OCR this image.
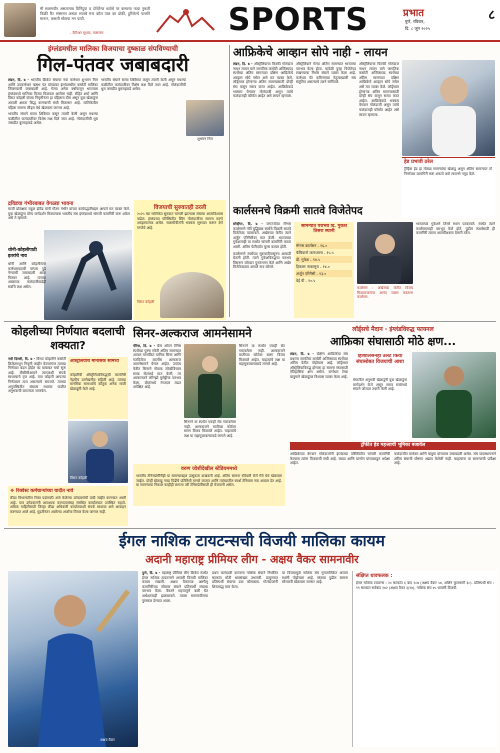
मी सलामवीर असतानाच विनिंदूया व दोनेर्तेन्या धावेचे पर कसल्या नव्या नुकती फिक्री रिट संस्मरण असता सातचे मना कौल पाल का डोकी, हुरिलेल्ये पल्लोरे मारून, कसली सोलया मन पल्टी.
- कैरिअर सुधाव, मासमान	SPORTS	प्रभात
पुणे, रविवार,
दि. ८ जून २०२५
८
इंग्लंडमधील मालिका विजयाचा दुष्काळ संपविण्याची
गिल-पंतवर जबाबदारी

लंडन, दि. ७ - भारतीय क्रिकेट संघाचा नवा कर्णधार शुभमन गिल आणि उपकर्णधार ऋषभ पंत यांच्यावर इंग्लंडमधील कसोटी मालिका जिंकण्याची जबाबदारी आहे. गेल्या अनेक वर्षांपासून भारताला इंग्लंडमध्ये मालिका विजय मिळवता आलेला नाही. रोहित शर्मा आणि विराट कोहली यांच्या निवृत्तीनंतर हा पहिलाच दौरा असून युवा खेळाडूंना आपली क्षमता सिद्ध करण्याची संधी मिळणार आहे. मालिकेतील पहिला सामना लीड्स येथे खेळवला जाणार आहे.

भारतीय संघाने सराव शिबिरात कसून तयारी केली असून मधल्या फळीतील फलंदाजीवर विशेष लक्ष दिले जात आहे. गोलंदाजीची धुरा जसप्रीत बुमराहकडे असेल.

भारतीय संघाने सराव शिबिरात कसून तयारी केली असून मधल्या फळीतील फलंदाजीवर विशेष लक्ष दिले जात आहे. गोलंदाजीची धुरा जसप्रीत बुमराहकडे असेल.

शुभमन गिल
द्रविडचा गंभीरबाबत वेगळ्या भावना
माजी प्रशिक्षक राहुल द्रविड यांनी गौतम गंभीर यांच्या कार्यपद्धतीबद्दल आपले मत व्यक्त केले. युवा खेळाडूंना योग्य मार्गदर्शन मिळाल्यास भारतीय संघ इंग्लंडमध्ये चांगली कामगिरी करू शकेल असे ते म्हणाले.
धोनी-कोहलीपाठी इतरांचे नाव
धोनी आणि कोहलीनंतर कर्णधारपदाची परंपरा पुढे नेण्याची जबाबदारी आता गिलवर आहे. पंतच्या आक्रमक फलंदाजीकडेही सर्वांचे लक्ष असेल.
विजयाची सुरुवातही ठरली
२०२५ च्या मालिकेत सुरुवात चांगली झाल्यास संघाचा आत्मविश्वास वाढेल. इंग्लंडच्या परिस्थितीत स्विंग गोलंदाजीचा सामना करणे आव्हानात्मक असेल. सलामीवीरांनी भक्कम सुरुवात करून देणे गरजेचे आहे.
विराट कोहली
आफ्रिकेचे आव्हान सोपे नाही - लायन

लंडन, दि. ७ - ऑस्ट्रेलियाचा फिरकी गोलंदाज नाथन लायन याने जागतिक कसोटी अजिंक्यपद स्पर्धेच्या अंतिम सामन्यात दक्षिण आफ्रिकेचे आव्हान सोपे नसेल असे मत व्यक्त केले. लॉर्ड्सवर होणाऱ्या अंतिम सामन्यासाठी दोन्ही संघ कसून सराव करत आहेत. आफ्रिकेकडे भक्कम वेगवान गोलंदाजी असून त्यांचे फलंदाजही फॉर्मात आहेत असे लायन म्हणाला.

ऑस्ट्रेलियाने गेल्या अंतिम सामन्यात भारताचा पराभव केला होता. यावेळी पुन्हा विजेतेपद राखण्याचा निर्धार संघाने व्यक्त केला आहे. कर्णधार पॅट कमिन्सच्या नेतृत्वाखाली संघ संतुलित असल्याचे त्याने सांगितले.
ऑस्ट्रेलियाचा फिरकी गोलंदाज नाथन लायन याने जागतिक कसोटी अजिंक्यपद स्पर्धेच्या अंतिम सामन्यात दक्षिण आफ्रिकेचे आव्हान सोपे नसेल असे मत व्यक्त केले. लॉर्ड्सवर होणाऱ्या अंतिम सामन्यासाठी दोन्ही संघ कसून सराव करत आहेत. आफ्रिकेकडे भक्कम वेगवान गोलंदाजी असून त्यांचे फलंदाजही फॉर्मात आहेत असे लायन म्हणाला.
हेड प्रभावी ठरेल
ट्रॅव्हिस हेड हा मोठ्या सामन्यांचा खेळाडू असून अंतिम सामन्यात तो निर्णायक कामगिरी करू शकतो असे लायनने नमूद केले.
कार्लसनचे विक्रमी सातवे विजेतेपद

स्टॅव्हँगर, दि. ७ - जगज्जेत्या मॅग्नस कार्लसनने नॉर्वे बुद्धिबळ स्पर्धेचे विक्रमी सातवे विजेतेपद पटकावले. अखेरच्या फेरीत त्याने अर्जुन एरिगैसीवर मात केली. भारताच्या गुकेशलाही या स्पर्धेत चांगली कामगिरी करता आली. अंतिम फेरीपर्यंत चुरस कायम होती.

कार्लसनने स्पर्धेच्या सुरुवातीपासूनच आघाडी घेतली होती. त्याने गुकेशविरुद्धचा पराभव विसरून जोरदार पुनरागमन केले आणि अखेर विजेतेपदावर आपले नाव कोरले.

सामन्यात पराभव दि. गुकेश तिसरा स्थानी
मॅग्नस कार्लसन - १६.०
फॅबियानो कारुआना - १५.५
डी. गुकेश - १४.५
हिकारू नाकामुरा - १४.०
अर्जुन एरिगैसी - १३.०
वेई यी - १०.५
कार्लसन : अखेरच्या फेरीत विजय मिळवल्यानंतर आनंद व्यक्त करताना कार्लसन.
भारताच्या गुकेशने तिसरे स्थान पटकावले. स्पर्धेत त्याने कार्लसनलाही पराभूत केले होते. पुढील स्पर्धांसाठी ही कामगिरी त्याला आत्मविश्वास देणारी ठरेल.
कोहलीच्या निर्णयात बदलाची शक्यता?

नवी दिल्ली, दि. ७ - विराट कोहलीने कसोटी क्रिकेटमधून निवृत्ती जाहीर केल्यानंतर त्याच्या निर्णयात बदल होईल का याबाबत चर्चा सुरू आहे. बीसीसीआयने त्याच्याशी संपर्क साधल्याचे वृत्त आहे. मात्र कोहली आपल्या निर्णयावर ठाम असल्याचे समजते. त्याच्या अनुपस्थितीत संघाला मधल्या फळीत अनुभवाची कमतरता जाणवेल.

ऑस्ट्रेलियाचे मानसिक सामर्थ्य
कोहलीची ऑस्ट्रेलियाविरुद्धची कामगिरी नेहमीच उल्लेखनीय राहिली आहे. त्याच्या मानसिक सामर्थ्याचे कौतुक अनेक माजी खेळाडूंनी केले आहे.
विराट कोहली
सिनर-अल्कराज आमनेसामने

पॅरिस, दि. ७ - फ्रेंच ओपन टेनिस स्पर्धेच्या पुरुष एकेरी अंतिम सामन्यात अव्वल मानांकित यानिक सिनर आणि गतविजेता कार्लोस अल्कराज आमनेसामने येणार आहेत. उपांत्य फेरीत सिनरने नोवाक जोकोविचवर सरळ सेटमध्ये मात केली, तर अल्कराजने लोरेन्झो मुसेट्टीचा पराभव केला. दोघांमध्ये रंगतदार लढत अपेक्षित आहे.

सिनरने या स्पर्धेत एकही सेट गमावलेला नाही. अल्कराजने मातीच्या कोर्टवर सलग विजय मिळवले आहेत. चाहत्यांचे लक्ष या महामुकाबल्याकडे लागले आहे.
सिनरने या स्पर्धेत एकही सेट गमावलेला नाही. अल्कराजने मातीच्या कोर्टवर सलग विजय मिळवले आहेत. चाहत्यांचे लक्ष या महामुकाबल्याकडे लागले आहे.
वरुण जोशीदेखील स्टेडियममध्ये
भारतीय टेनिसप्रेमींनीही या सामन्याबद्दल उत्सुकता दाखवली आहे. अंतिम सामना रविवारी रोलँ गॅरो येथे खेळवला जाईल. दोन्ही खेळाडू नव्या पिढीचे प्रतिनिधी मानले जातात आणि त्यांच्यातील स्पर्धा टेनिसला नवा आयाम देत आहे. या सामन्याचा निकाल काहीही लागला तरी टेनिसप्रेमींसाठी ही मेजवानी असेल.
लॉर्ड्सचे मैदान - इंग्लंडविरुद्ध फायनल
आफ्रिका संघासाठी मोठे क्षण...

लंडन, दि. ७ - दक्षिण आफ्रिकेचा संघ प्रथमच जागतिक कसोटी अजिंक्यपद स्पर्धेच्या अंतिम फेरीत पोहोचला आहे. लॉर्ड्सवर ऑस्ट्रेलियाविरुद्ध होणारा हा सामना संघासाठी ऐतिहासिक क्षण असेल. कर्णधार टेम्बा बावुमाने खेळाडूंवर विश्वास व्यक्त केला आहे.

हिशिलिसनेही उलट किंवा संघासोबत विजयाची आशा
संघातील अनुभवी खेळाडूंनी युवा खेळाडूंना मार्गदर्शन केले असून सराव सत्रांमध्ये संघाने जोरदार तयारी केली आहे.
ट्रॉफीत हेड महत्त्वाची भूमिका बजावेल
आफ्रिकेच्या वेगवान गोलंदाजांनी इंग्लंडच्या परिस्थितीत चांगली कामगिरी केल्यास त्यांना विजयाची संधी आहे. रबाडा आणि यान्सेन यांच्याकडून अपेक्षा आहेत.
फलंदाजीत मार्करम आणि बावुमा यांच्यावर जबाबदारी असेल. संघ व्यवस्थापनाने अंतिम संघाची घोषणा अद्याप केलेली नाही. चाहत्यांना या सामन्याची प्रतीक्षा आहे.
❖ रिक्वेस्ट कर्मचाऱ्यांच्या यादीत नावे
क्रीडा विभागातील रिक्त पदांसाठी अर्ज केलेल्या उमेदवारांची यादी जाहीर करण्यात आली आहे. पात्र उमेदवारांनी आवश्यक कागदपत्रांसह संबंधित कार्यालयात उपस्थित राहावे. अधिक माहितीसाठी जिल्हा क्रीडा अधिकारी कार्यालयाशी संपर्क साधावा असे आवाहन करण्यात आले आहे. मुदतीनंतर आलेल्या अर्जांचा विचार केला जाणार नाही.
ईगल नाशिक टायटन्सची विजयी मालिका कायम
अदानी महाराष्ट्र प्रीमियर लीग - अक्षय वैकर सामनावीर
अक्षय वैकर

पुणे, दि. ७ - महाराष्ट्र प्रीमियर लीग क्रिकेट स्पर्धेत ईगल नाशिक टायटन्सने आपली विजयी मालिका कायम राखली. अक्षय वैकरच्या अष्टपैलू कामगिरीच्या जोरावर संघाने प्रतिस्पर्धी संघाचा पराभव केला. वैकरने महत्त्वपूर्ण बळी घेत अर्धशतकही झळकावले. त्याला सामनावीराचा पुरस्कार देण्यात आला.

प्रथम फलंदाजी करताना नाशिक संघाने निर्धारित षटकांत मोठी धावसंख्या उभारली. प्रत्युत्तरात प्रतिस्पर्धी संघाचा डाव कोसळला. गोलंदाजांनी शिस्तबद्ध मारा केला.
या विजयामुळे नाशिक संघ गुणतालिकेत अव्वल स्थानी पोहोचला आहे. संघाचा पुढील सामना सोमवारी खेळवला जाणार आहे.
संक्षिप्त धावफलक :
ईगल नाशिक टायटन्स : २० षटकांत ६ बाद १८७ (अक्षय वैकर ५४, अर्शिन कुलकर्णी ३८). प्रतिस्पर्धी संघ : १९ षटकांत सर्वबाद १४२ (अक्षय वैकर ३/२४). नाशिक संघ ४५ धावांनी विजयी.
